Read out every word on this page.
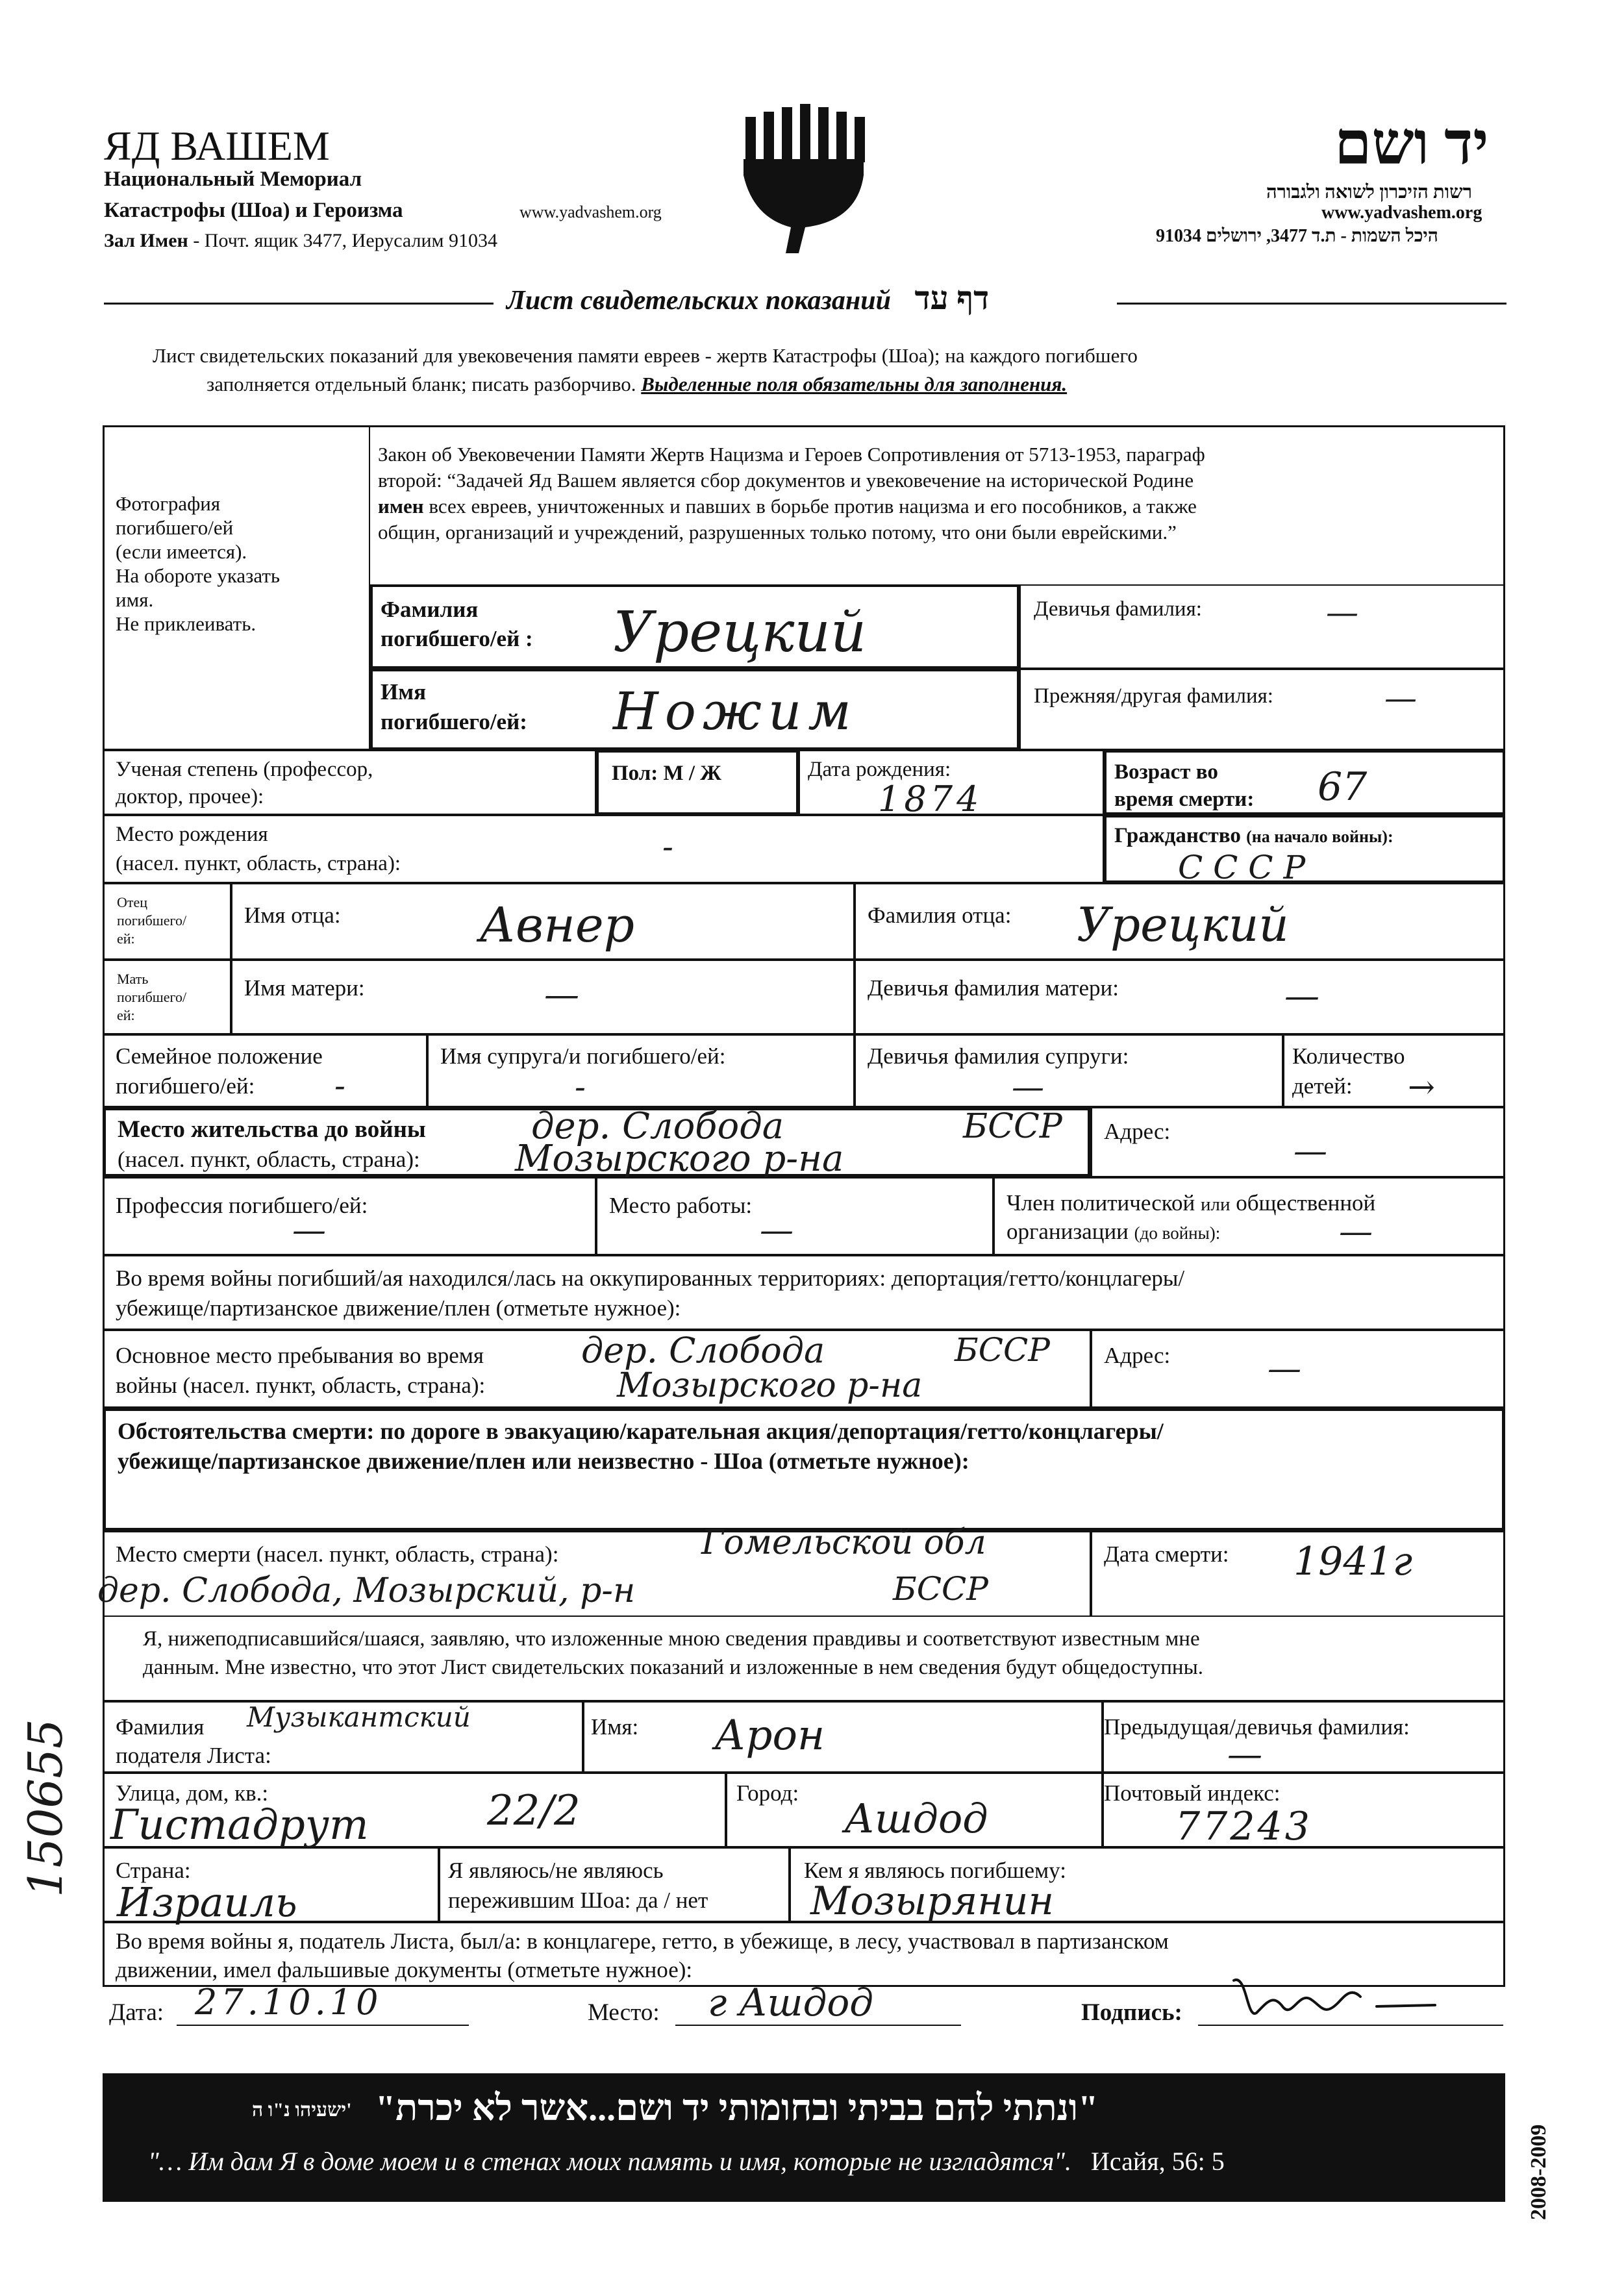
ЯД ВАШЕМ
Национальный Мемориал
Катастрофы (Шоа) и Героизма	www.yadvashem.org
Зал Имен - Почт. ящик 3477, Иерусалим 91034
יד ושם
רשות הזיכרון לשואה ולגבורה
www.yadvashem.org
היכל השמות - ת.ד 3477, ירושלים 91034
Лист свидетельских показаний דף עד
Лист свидетельских показаний для увековечения памяти евреев - жертв Катастрофы (Шоа); на каждого погибшего
заполняется отдельный бланк; писать разборчиво. Выделенные поля обязательны для заполнения.
Фотография
погибшего/ей
(если имеется).
На обороте указать
имя.
Не приклеивать.
Закон об Увековечении Памяти Жертв Нацизма и Героев Сопротивления от 5713-1953, параграф
второй: “Задачей Яд Вашем является сбор документов и увековечение на исторической Родине
имен всех евреев, уничтоженных и павших в борьбе против нацизма и его пособников, а также
общин, организаций и учреждений, разрушенных только потому, что они были еврейскими.”
Фамилия
погибшего/ей : Урецкий	Девичья фамилия:	—
Имя
погибшего/ей: Ножим	Прежняя/другая фамилия:	—
Ученая степень (профессор,
доктор, прочее):
Пол: М / Ж	Дата рождения:
1874
Возраст во
время смерти: 67
Место рождения
(насел. пункт, область, страна):	-	Гражданство (на начало войны):
С С С Р
Отец
погибшего/
ей:
Имя отца:	Авнер	Фамилия отца: Урецкий
Мать
погибшего/
ей:
Имя матери:	—	Девичья фамилия матери:	—
Семейное положение
погибшего/ей: -
Имя супруга/и погибшего/ей:
-
Девичья фамилия супруги:
—
Количество
детей: →
Место жительства до войны
(насел. пункт, область, страна):
дер. Слобода	БССР
Мозырского р-на
Адрес:
—
Профессия погибшего/ей:
—
Место работы:
—
Член политической или общественной
организации (до войны):	—
Во время войны погибший/ая находился/лась на оккупированных территориях: депортация/гетто/концлагеры/
убежище/партизанское движение/плен (отметьте нужное):
Основное место пребывания во время
войны (насел. пункт, область, страна):
дер. Слобода	БССР
Мозырского р-на
Адрес:	—
Обстоятельства смерти: по дороге в эвакуацию/карательная акция/депортация/гетто/концлагеры/
убежище/партизанское движение/плен или неизвестно - Шоа (отметьте нужное):
Место смерти (насел. пункт, область, страна):	Гомельской обл
дер. Слобода, Мозырский, р-н	БССР
Дата смерти: 1941г
Я, нижеподписавшийся/шаяся, заявляю, что изложенные мною сведения правдивы и соответствуют известным мне
данным. Мне известно, что этот Лист свидетельских показаний и изложенные в нем сведения будут общедоступны.
Фамилия
подателя Листа:
Музыкантский	Имя: Арон	Предыдущая/девичья фамилия:
—
Улица, дом, кв.:
Гистадрут	22/2	Город:
Ашдод
Почтовый индекс:
77243
Страна:
Израиль
Я являюсь/не являюсь
пережившим Шоа: да / нет
Кем я являюсь погибшему:
Мозырянин
Во время войны я, податель Листа, был/а: в концлагере, гетто, в убежище, в лесу, участвовал в партизанском
движении, имел фальшивые документы (отметьте нужное):
Дата: 27.10.10	Место: г Ашдод	Подпись:
"ונתתי להם בביתי ובחומותי יד ושם...אשר לא יכרת"
ישעיהו נ"ו ה'
"… Им дам Я в доме моем и в стенах моих память и имя, которые не изгладятся". Исайя, 56: 5
150655
2008-2009
